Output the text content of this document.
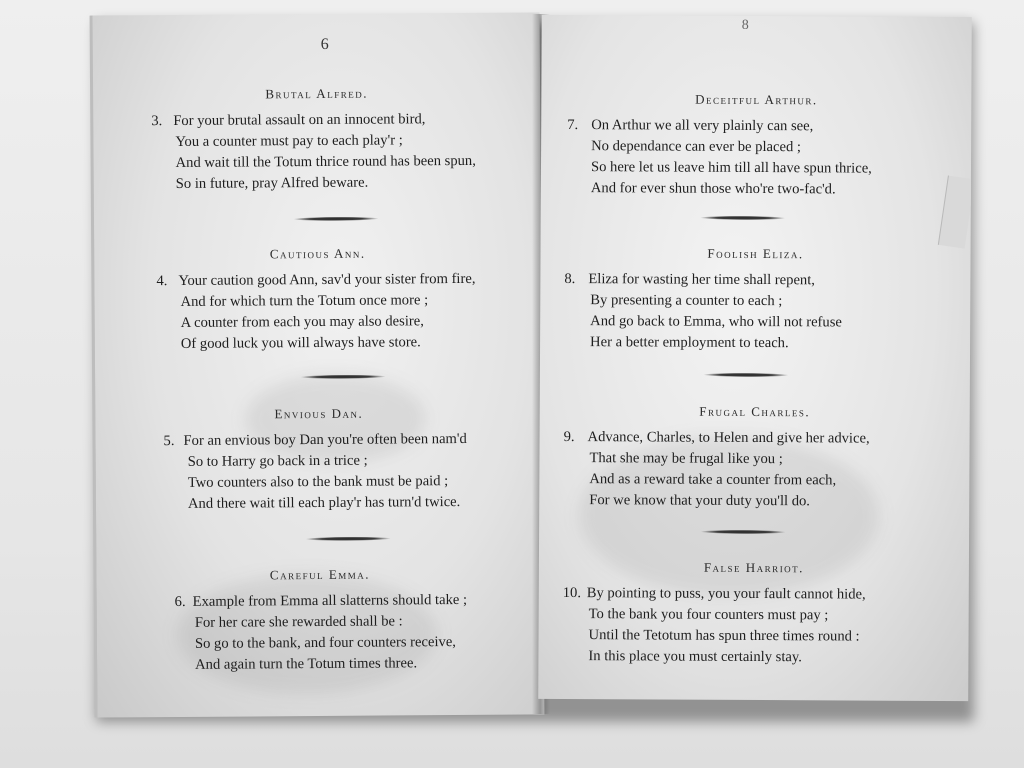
6
Brutal Alfred.
3. For your brutal assault on an innocent bird,
You a counter must pay to each play'r ;
And wait till the Totum thrice round has been spun,
So in future, pray Alfred beware.
Cautious Ann.
4. Your caution good Ann, sav'd your sister from fire,
And for which turn the Totum once more ;
A counter from each you may also desire,
Of good luck you will always have store.
Envious Dan.
5. For an envious boy Dan you're often been nam'd
So to Harry go back in a trice ;
Two counters also to the bank must be paid ;
And there wait till each play'r has turn'd twice.
Careful Emma.
6. Example from Emma all slatterns should take ;
For her care she rewarded shall be :
So go to the bank, and four counters receive,
And again turn the Totum times three.
8
Deceitful Arthur.
7. On Arthur we all very plainly can see,
No dependance can ever be placed ;
So here let us leave him till all have spun thrice,
And for ever shun those who're two-fac'd.
Foolish Eliza.
8. Eliza for wasting her time shall repent,
By presenting a counter to each ;
And go back to Emma, who will not refuse
Her a better employment to teach.
Frugal Charles.
9. Advance, Charles, to Helen and give her advice,
That she may be frugal like you ;
And as a reward take a counter from each,
For we know that your duty you'll do.
False Harriot.
10. By pointing to puss, you your fault cannot hide,
To the bank you four counters must pay ;
Until the Tetotum has spun three times round :
In this place you must certainly stay.
